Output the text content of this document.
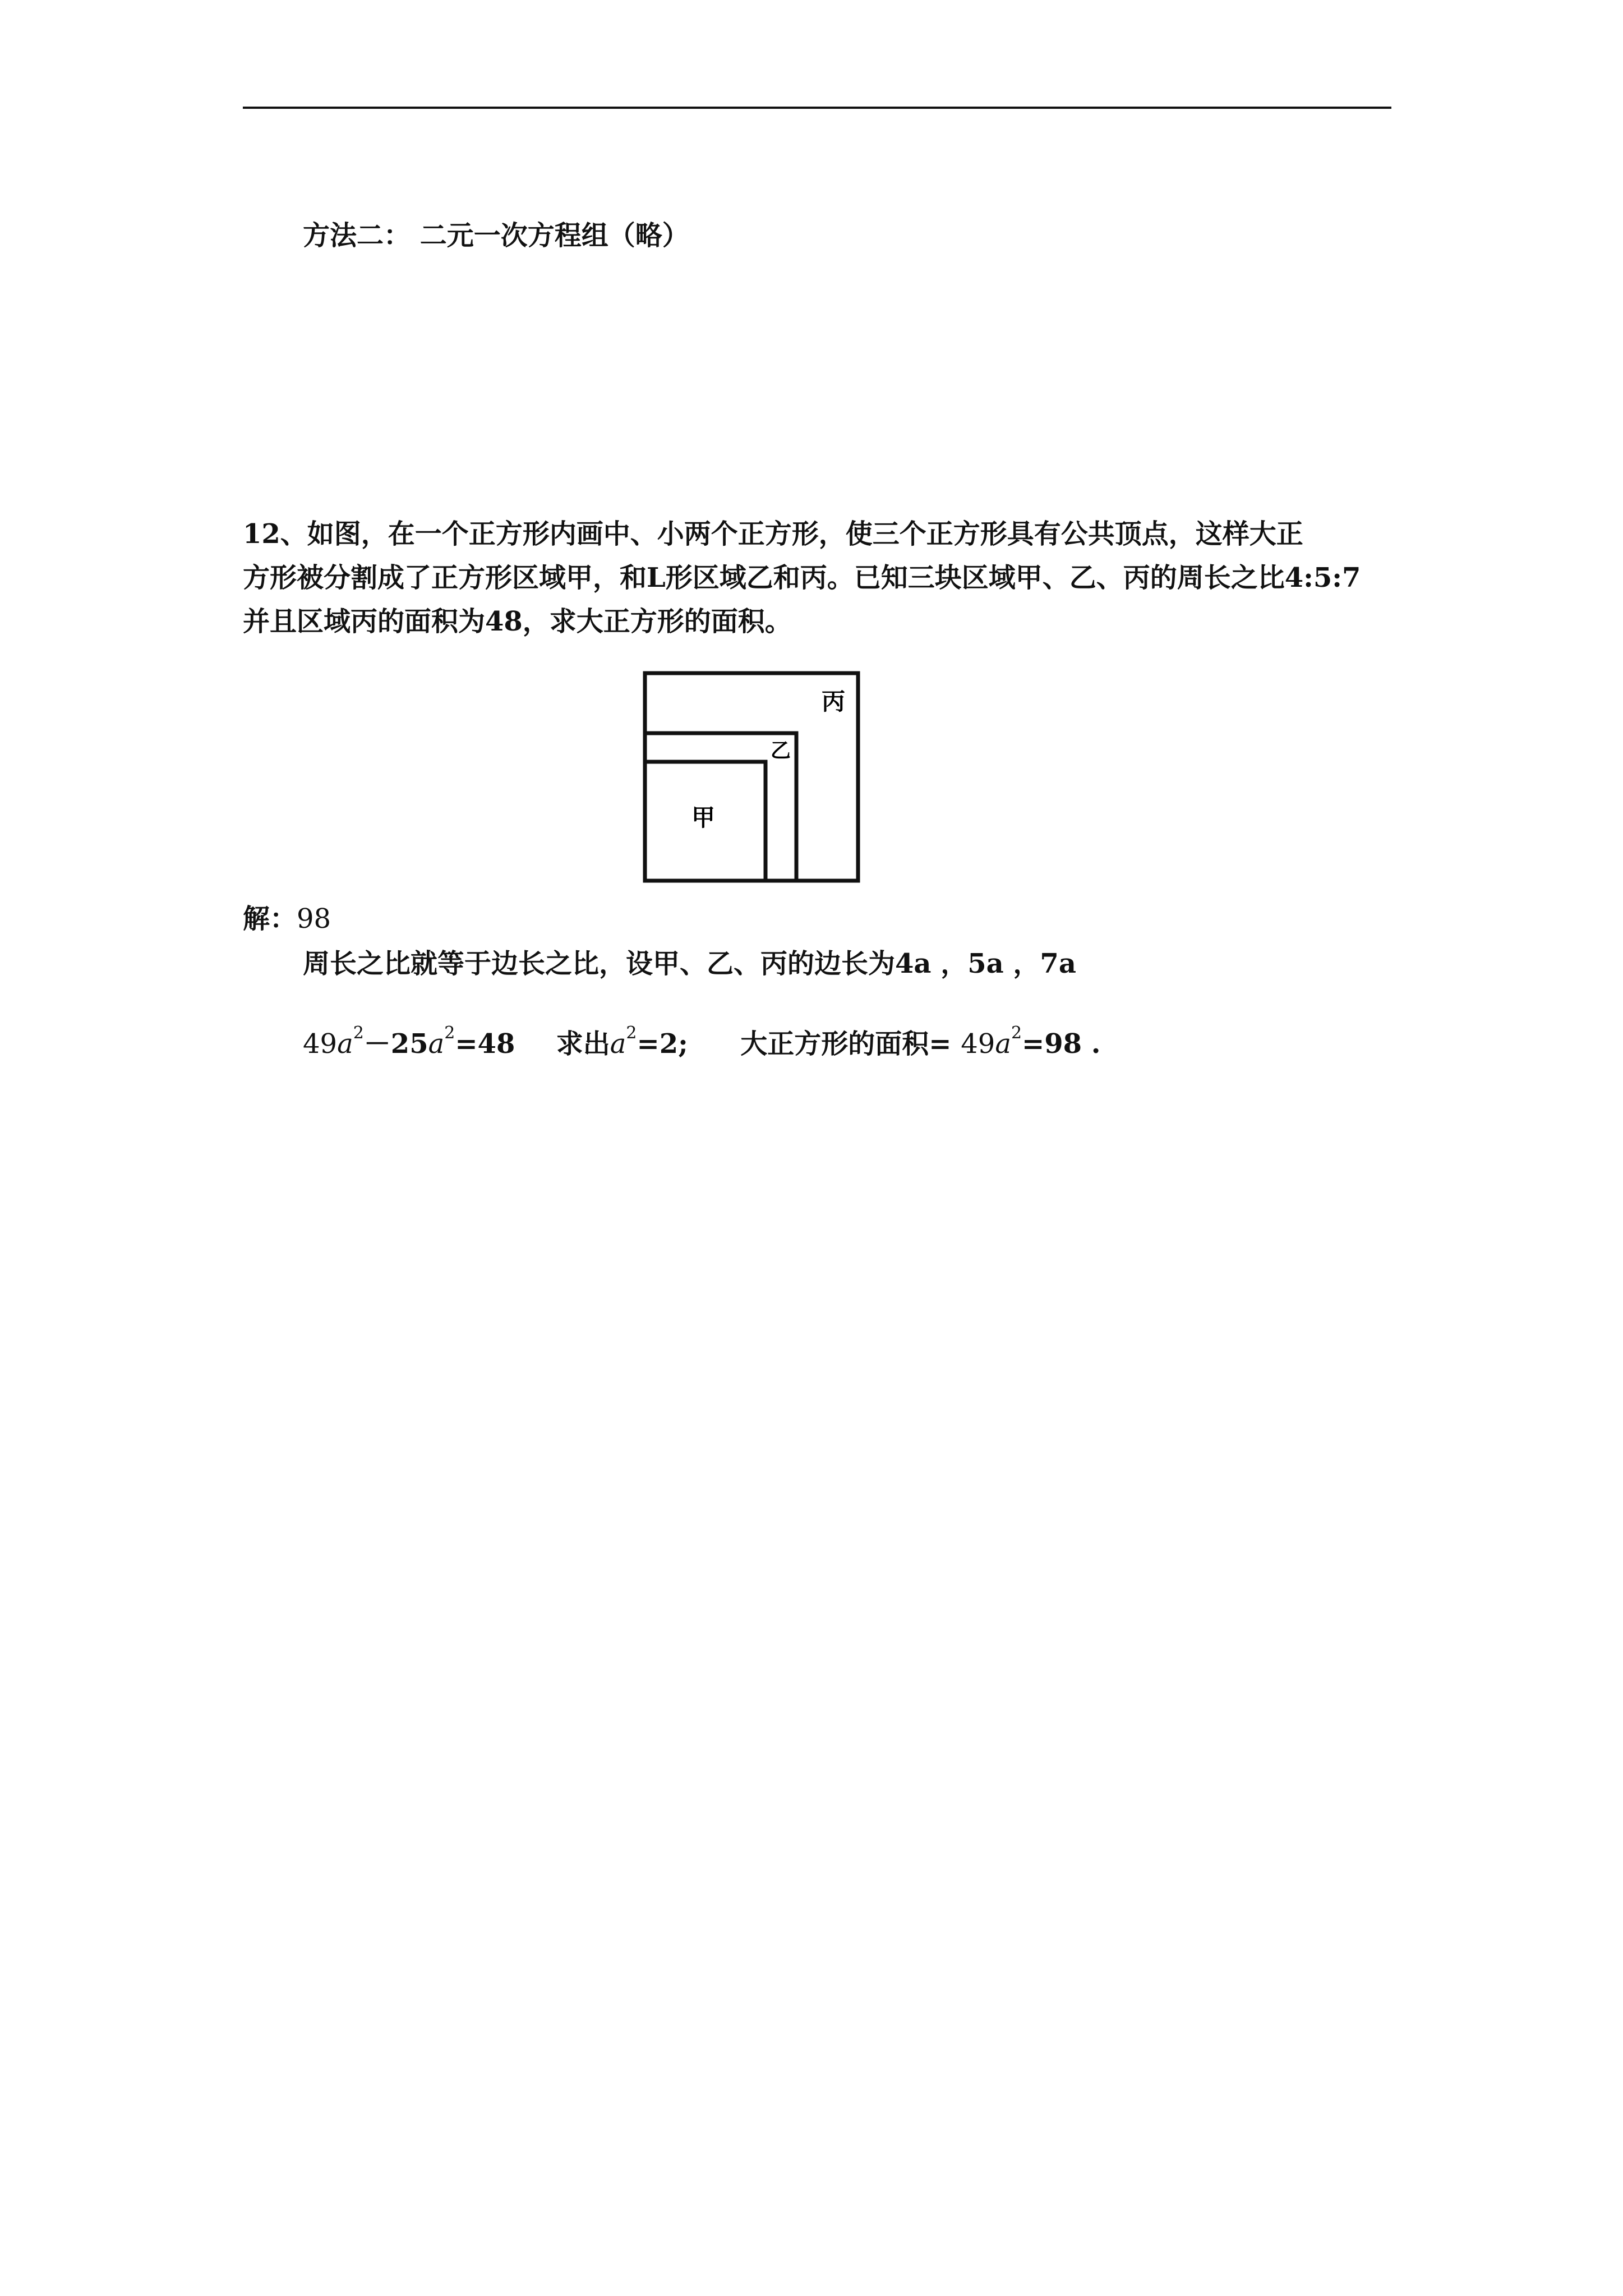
方法二： 二元一次方程组（略）
12、如图，在一个正方形内画中、小两个正方形，使三个正方形具有公共顶点，这样大正
方形被分割成了正方形区域甲，和L形区域乙和丙。已知三块区域甲、乙、丙的周长之比4:5:7
并且区域丙的面积为48，求大正方形的面积。
丙
乙
甲
解：98
周长之比就等于边长之比，设甲、乙、丙的边长为4a ，5a ，7a
$49a^2-25a^2=48$ 求出$a^2=2$; 大正方形的面积= $49a^2=98$ .
